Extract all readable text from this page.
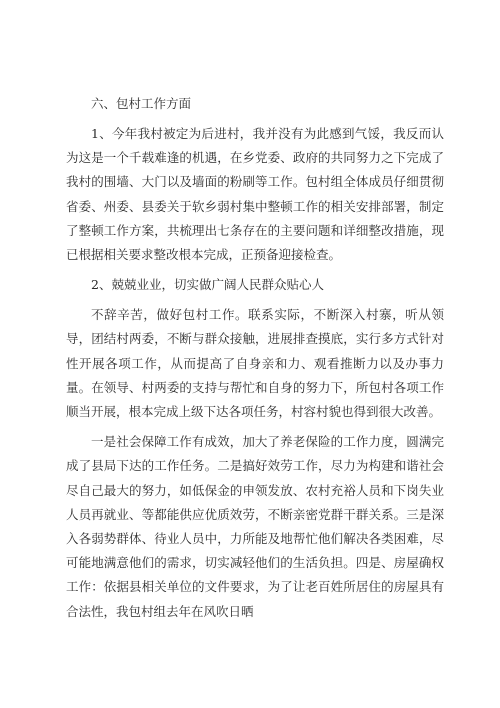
六、包村工作方面

1、今年我村被定为后进村，我并没有为此感到气馁，我反而认为这是一个千载难逢的机遇，在乡党委、政府的共同努力之下完成了我村的围墙、大门以及墙面的粉刷等工作。包村组全体成员仔细贯彻省委、州委、县委关于软乡弱村集中整顿工作的相关安排部署，制定了整顿工作方案，共梳理出七条存在的主要问题和详细整改措施，现已根据相关要求整改根本完成，正预备迎接检查。

2、兢兢业业，切实做广阔人民群众贴心人

不辞辛苦，做好包村工作。联系实际，不断深入村寨，听从领导，团结村两委，不断与群众接触，进展排查摸底，实行多方式针对性开展各项工作，从而提高了自身亲和力、观看推断力以及办事力量。在领导、村两委的支持与帮忙和自身的努力下，所包村各项工作顺当开展，根本完成上级下达各项任务，村容村貌也得到很大改善。

一是社会保障工作有成效，加大了养老保险的工作力度，圆满完成了县局下达的工作任务。二是搞好效劳工作，尽力为构建和谐社会尽自己最大的努力，如低保金的申领发放、农村充裕人员和下岗失业人员再就业、等都能供应优质效劳，不断亲密党群干群关系。三是深入各弱势群体、待业人员中，力所能及地帮忙他们解决各类困难，尽可能地满意他们的需求，切实减轻他们的生活负担。四是、房屋确权工作：依据县相关单位的文件要求，为了让老百姓所居住的房屋具有合法性，我包村组去年在风吹日晒
